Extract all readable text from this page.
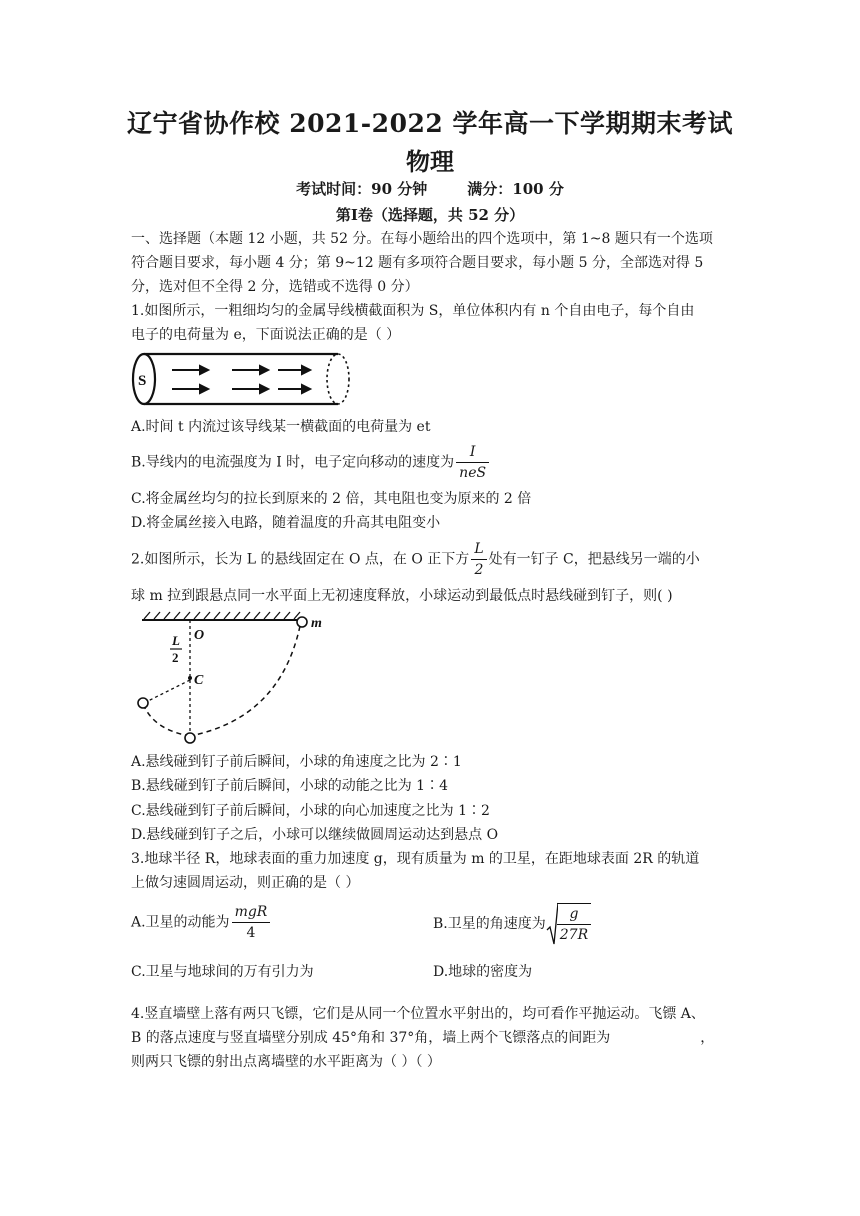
辽宁省协作校 2021-2022 学年高一下学期期末考试
物理
考试时间：90 分钟	满分：100 分
第Ⅰ卷（选择题，共 52 分）
一、选择题（本题 12 小题，共 52 分。在每小题给出的四个选项中，第 1~8 题只有一个选项
符合题目要求，每小题 4 分；第 9~12 题有多项符合题目要求，每小题 5 分，全部选对得 5
分，选对但不全得 2 分，选错或不选得 0 分）
1.如图所示，一粗细均匀的金属导线横截面积为 S，单位体积内有 n 个自由电子，每个自由
电子的电荷量为 e，下面说法正确的是（ ）
S
A.时间 t 内流过该导线某一横截面的电荷量为 et
B.导线内的电流强度为 I 时，电子定向移动的速度为 $\frac{I}{\text{neS}}$
C.将金属丝均匀的拉长到原来的 2 倍，其电阻也变为原来的 2 倍
D.将金属丝接入电路，随着温度的升高其电阻变小
2.如图所示，长为 L 的悬线固定在 O 点，在 O 正下方 $\frac{L}{2}$ 处有一钉子 C，把悬线另一端的小
球 m 拉到跟悬点同一水平面上无初速度释放，小球运动到最低点时悬线碰到钉子，则( )
O
L
2
C
m
A.悬线碰到钉子前后瞬间，小球的角速度之比为 2∶1
B.悬线碰到钉子前后瞬间，小球的动能之比为 1∶4
C.悬线碰到钉子前后瞬间，小球的向心加速度之比为 1∶2
D.悬线碰到钉子之后，小球可以继续做圆周运动达到悬点 O
3.地球半径 R，地球表面的重力加速度 g，现有质量为 m 的卫星，在距地球表面 2R 的轨道
上做匀速圆周运动，则正确的是（ ）
A.卫星的动能为 $\frac{\text{mgR}}{4}$	B.卫星的角速度为 $\frac{g}{27R}$
C.卫星与地球间的万有引力为	D.地球的密度为
4.竖直墙壁上落有两只飞镖，它们是从同一个位置水平射出的，均可看作平抛运动。飞镖 A、
B 的落点速度与竖直墙壁分别成 45°角和 37°角，墙上两个飞镖落点的间距为	，
则两只飞镖的射出点离墙壁的水平距离为（ ）（ ）
